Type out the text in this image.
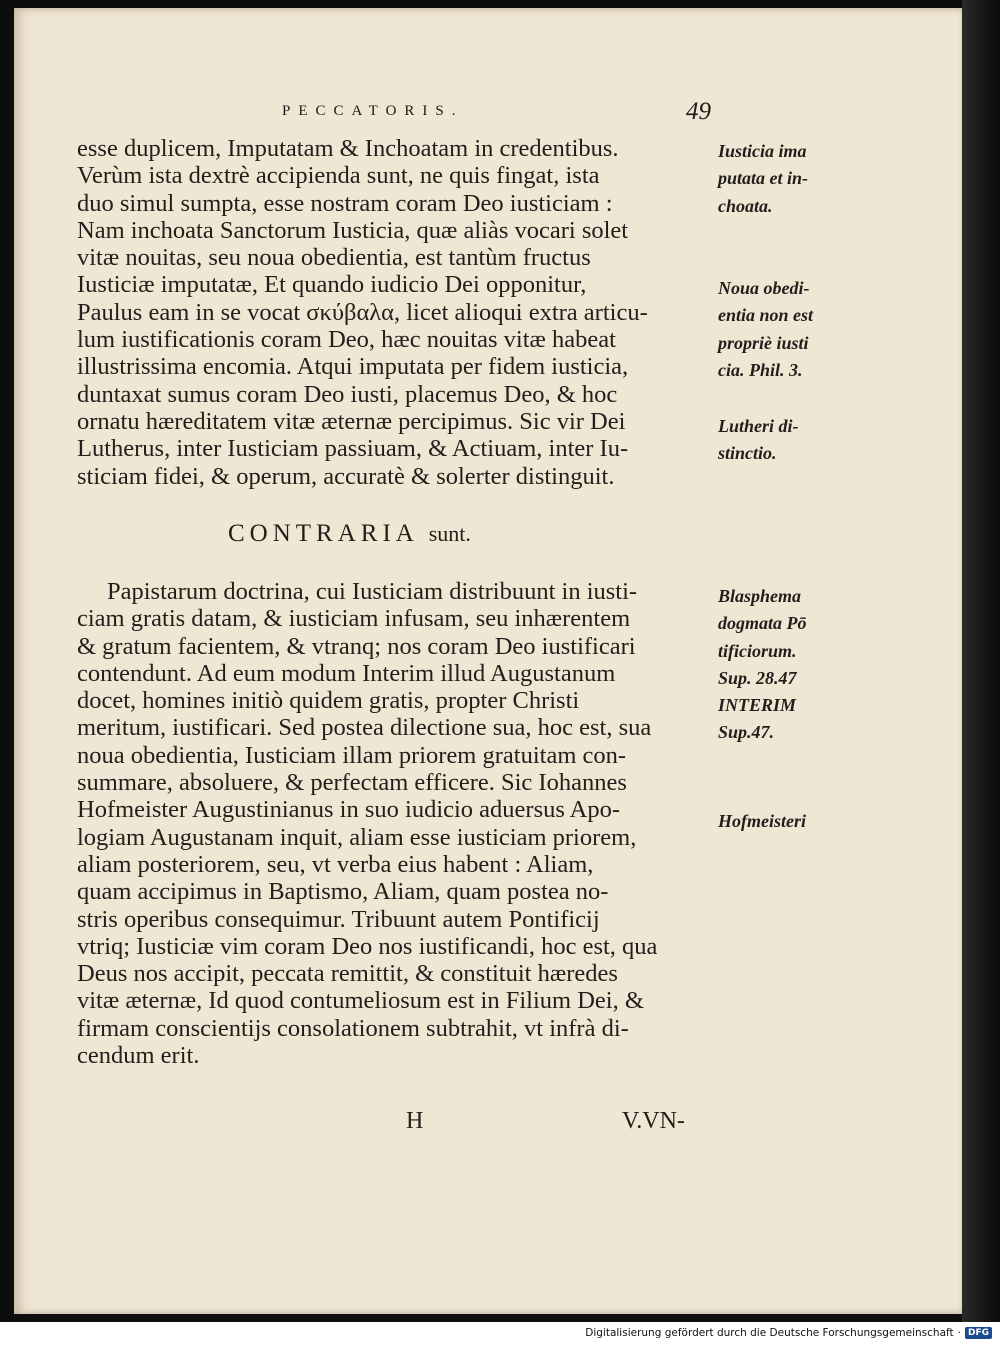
PECCATORIS.	49
esse duplicem, Imputatam & Inchoatam in credentibus.
Verùm ista dextrè accipienda sunt, ne quis fingat, ista
duo simul sumpta, esse nostram coram Deo iusticiam :
Nam inchoata Sanctorum Iusticia, quæ aliàs vocari solet
vitæ nouitas, seu noua obedientia, est tantùm fructus
Iusticiæ imputatæ, Et quando iudicio Dei opponitur,
Paulus eam in se vocat σκύβαλα, licet alioqui extra articu-
lum iustificationis coram Deo, hæc nouitas vitæ habeat
illustrissima encomia. Atqui imputata per fidem iusticia,
duntaxat sumus coram Deo iusti, placemus Deo, & hoc
ornatu hæreditatem vitæ æternæ percipimus. Sic vir Dei
Lutherus, inter Iusticiam passiuam, & Actiuam, inter Iu-
sticiam fidei, & operum, accuratè & solerter distinguit.
CONTRARIA sunt.
Papistarum doctrina, cui Iusticiam distribuunt in iusti-
ciam gratis datam, & iusticiam infusam, seu inhærentem
& gratum facientem, & vtranq; nos coram Deo iustificari
contendunt. Ad eum modum Interim illud Augustanum
docet, homines initiò quidem gratis, propter Christi
meritum, iustificari. Sed postea dilectione sua, hoc est, sua
noua obedientia, Iusticiam illam priorem gratuitam con-
summare, absoluere, & perfectam efficere. Sic Iohannes
Hofmeister Augustinianus in suo iudicio aduersus Apo-
logiam Augustanam inquit, aliam esse iusticiam priorem,
aliam posteriorem, seu, vt verba eius habent : Aliam,
quam accipimus in Baptismo, Aliam, quam postea no-
stris operibus consequimur. Tribuunt autem Pontificij
vtriq; Iusticiæ vim coram Deo nos iustificandi, hoc est, qua
Deus nos accipit, peccata remittit, & constituit hæredes
vitæ æternæ, Id quod contumeliosum est in Filium Dei, &
firmam conscientijs consolationem subtrahit, vt infrà di-
cendum erit.
Iusticia ima
putata et in-
choata.
Noua obedi-
entia non est
propriè iusti
cia. Phil. 3.
Lutheri di-
stinctio.
Blasphema
dogmata Pō
tificiorum.
Sup. 28.47
INTERIM
Sup.47.
Hofmeisteri
H	V.VN-
Digitalisierung gefördert durch die Deutsche Forschungsgemeinschaft · DFG
